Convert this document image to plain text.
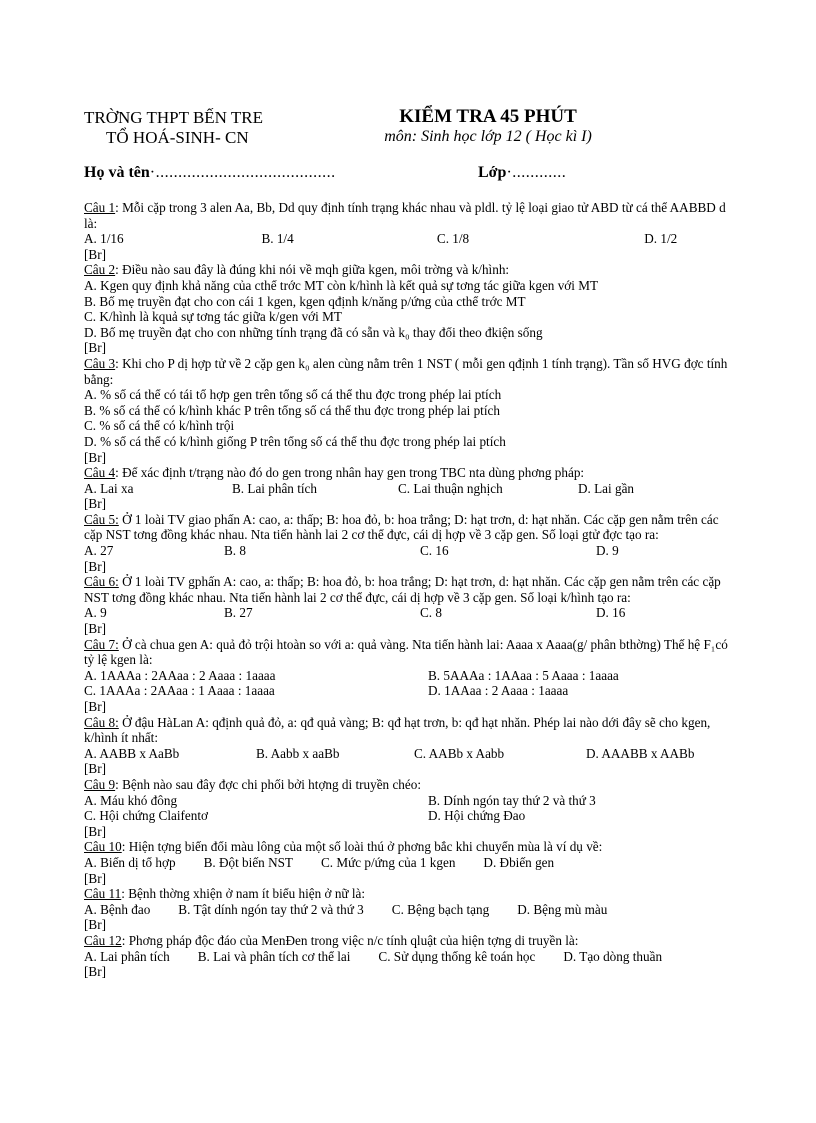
TRỜNG THPT BẾN TRE
TỔ HOÁ-SINH- CN
KIỂM TRA 45 PHÚT
môn: Sinh học lớp 12 ( Học kì I)
Họ và tên·........................................	Lớp·............
Câu 1: Mỗi cặp trong 3 alen Aa, Bb, Dd quy định tính trạng khác nhau và pldl. tỷ lệ loại giao tử ABD từ cá thể AABBD d là:
A. 1/16	B. 1/4	C. 1/8	D. 1/2
[Br]
Câu 2: Điều nào sau đây là đúng khi nói về mqh giữa kgen, môi trờng và k/hình:
A. Kgen quy định khả năng của cthể trớc MT còn k/hình là kết quả sự tơng tác giữa kgen với MT
B. Bố mẹ truyền đạt cho con cái 1 kgen, kgen qđịnh k/năng p/ứng của cthể trớc MT
C. K/hình là kquả sự tơng tác giữa k/gen với MT
D. Bố mẹ truyền đạt cho con những tính trạng đã có sẵn và k₀ thay đổi theo đkiện sống
[Br]
Câu 3: Khi cho P dị hợp tử về 2 cặp gen k₀ alen cùng nằm trên 1 NST ( mỗi gen qđịnh 1 tính trạng). Tần số HVG đợc tính bằng:
A. % số cá thể có tái tổ hợp gen trên tổng số cá thể thu đợc trong phép lai ptích
B. % số cá thể có k/hình khác P trên tổng số cá thể thu đợc trong phép lai ptích
C. % số cá thể có k/hình trội
D. % số cá thể có k/hình giống P trên tổng số cá thể thu đợc trong phép lai ptích
[Br]
Câu 4: Để xác định t/trạng nào đó do gen trong nhân hay gen trong TBC nta dùng phơng pháp:
A. Lai xa	B. Lai phân tích	C. Lai thuận nghịch	D. Lai gần
[Br]
Câu 5: Ở 1 loài TV giao phấn A: cao, a: thấp; B: hoa đỏ, b: hoa trắng; D: hạt trơn, d: hạt nhăn. Các cặp gen nằm trên các cặp NST tơng đồng khác nhau. Nta tiến hành lai 2 cơ thể đực, cái dị hợp về 3 cặp gen. Số loại gtử đợc tạo ra:
A. 27	B. 8	C. 16	D. 9
[Br]
Câu 6: Ở 1 loài TV gphấn A: cao, a: thấp; B: hoa đỏ, b: hoa trắng; D: hạt trơn, d: hạt nhăn. Các cặp gen nằm trên các cặp NST tơng đồng khác nhau. Nta tiến hành lai 2 cơ thể đực, cái dị hợp về 3 cặp gen. Số loại k/hình tạo ra:
A. 9	B. 27	C. 8	D. 16
[Br]
Câu 7: Ở cà chua gen A: quả đỏ trội htoàn so với a: quả vàng. Nta tiến hành lai: Aaaa x Aaaa(g/ phân bthờng) Thế hệ F₁có tỷ lệ kgen là:
A. 1AAAa : 2AAaa : 2 Aaaa : 1aaaa	B. 5AAAa : 1AAaa : 5 Aaaa : 1aaaa
C. 1AAAa : 2AAaa : 1 Aaaa : 1aaaa	D. 1AAaa : 2 Aaaa : 1aaaa
[Br]
Câu 8: Ở đậu HàLan A: qđịnh quả đỏ, a: qđ quả vàng; B: qđ hạt trơn, b: qđ hạt nhăn. Phép lai nào dới đây sẽ cho kgen, k/hình ít nhất:
A. AABB x AaBb	B. Aabb x aaBb	C. AABb x Aabb	D. AAABB x AABb
[Br]
Câu 9: Bệnh nào sau đây đợc chi phối bởi htợng di truyền chéo:
A. Máu khó đông	B. Dính ngón tay thứ 2 và thứ 3
C. Hội chứng Claifentơ	D. Hội chứng Đao
[Br]
Câu 10: Hiện tợng biến đổi màu lông của một số loài thú ở phơng bắc khi chuyển mùa là ví dụ về:
A. Biến dị tổ hợp B. Đột biến NST C. Mức p/ứng của 1 kgen D. Đbiến gen
[Br]
Câu 11: Bệnh thờng xhiện ở nam ít biểu hiện ở nữ là:
A. Bệnh đao B. Tật dính ngón tay thứ 2 và thứ 3 C. Bệng bạch tạng D. Bệng mù màu
[Br]
Câu 12: Phơng pháp độc đáo của MenĐen trong việc n/c tính qluật của hiện tợng di truyền là:
A. Lai phân tích B. Lai và phân tích cơ thể lai C. Sử dụng thống kê toán học D. Tạo dòng thuần
[Br]
